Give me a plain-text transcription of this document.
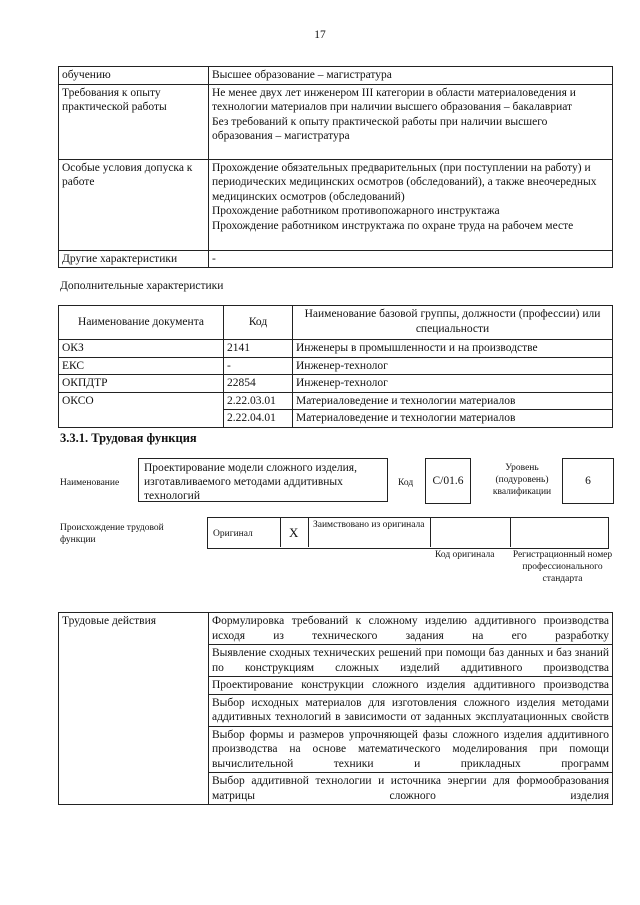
17
обучению	Высшее образование – магистратура
Требования к опыту практической работы	Не менее двух лет инженером III категории в области материаловедения и технологии материалов при наличии высшего образования – бакалавриат
Без требований к опыту практической работы при наличии высшего образования – магистратура

Особые условия допуска к работе	Прохождение обязательных предварительных (при поступлении на работу) и периодических медицинских осмотров (обследований), а также внеочередных медицинских осмотров (обследований)
Прохождение работником противопожарного инструктажа
Прохождение работником инструктажа по охране труда на рабочем месте

Другие характеристики	-
Дополнительные характеристики
Наименование документа	Код	Наименование базовой группы, должности (профессии) или специальности
ОКЗ	2141	Инженеры в промышленности и на производстве
ЕКС	-	Инженер-технолог
ОКПДТР	22854	Инженер-технолог
ОКСО	2.22.03.01	Материаловедение и технологии материалов
	2.22.04.01	Материаловедение и технологии материалов
3.3.1. Трудовая функция
Наименование
Проектирование модели сложного изделия, изготавливаемого методами аддитивных технологий
Код	C/01.6
Уровень (подуровень) квалификации
6
Происхождение трудовой функции
Оригинал	X Заимствовано из оригинала
Код оригинала Регистрационный номер профессионального стандарта
Трудовые действия	Формулировка требований к сложному изделию аддитивного производства исходя из технического задания на его разработку
Выявление сходных технических решений при помощи баз данных и баз знаний по конструкциям сложных изделий аддитивного производства
Проектирование конструкции сложного изделия аддитивного производства
Выбор исходных материалов для изготовления сложного изделия методами аддитивных технологий в зависимости от заданных эксплуатационных свойств
Выбор формы и размеров упрочняющей фазы сложного изделия аддитивного производства на основе математического моделирования при помощи вычислительной техники и прикладных программ
Выбор аддитивной технологии и источника энергии для формообразования матрицы сложного изделия
